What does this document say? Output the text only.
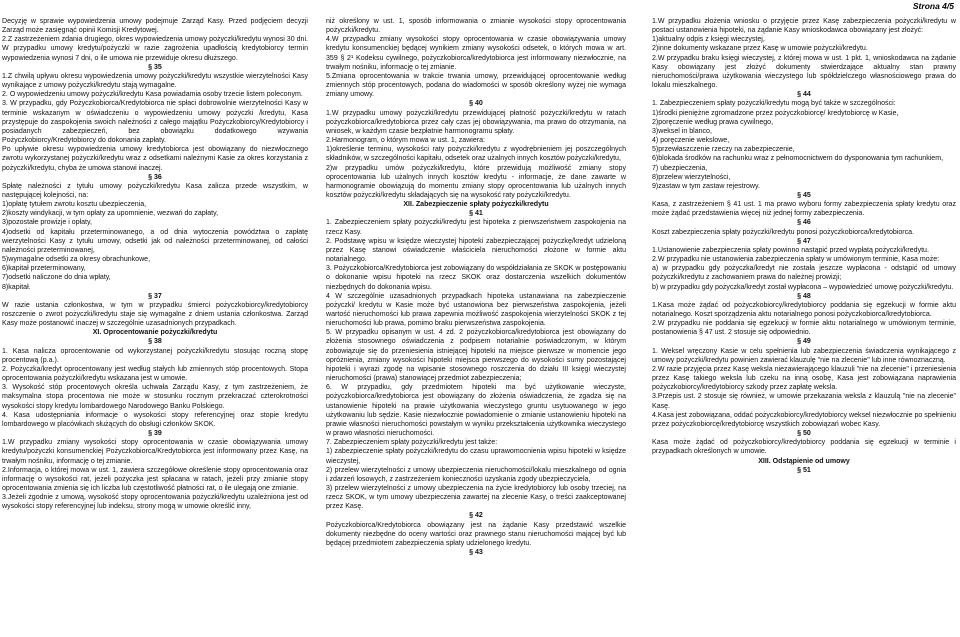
Strona 4/5

Decyzję w sprawie wypowiedzenia umowy podejmuje Zarząd Kasy. Przed podjęciem decyzji Zarząd może zasięgnąć opinii Komisji Kredytowej.

2.Z zastrzeżeniem zdania drugiego, okres wypowiedzenia umowy pożyczki/kredytu wynosi 30 dni. W przypadku umowy kredytu/pożyczki w razie zagrożenia upadłością kredytobiorcy termin wypowiedzenia wynosi 7 dni, o ile umowa nie przewiduje okresu dłuższego.

§ 35

1.Z chwilą upływu okresu wypowiedzenia umowy pożyczki/kredytu wszystkie wierzytelności Kasy wynikające z umowy pożyczki/kredytu stają wymagalne.

2. O wypowiedzeniu umowy pożyczki/kredytu Kasa powiadamia osoby trzecie listem poleconym.

3. W przypadku, gdy Pożyczkobiorca/Kredytobiorca nie spłaci dobrowolnie wierzytelności Kasy w terminie wskazanym w oświadczeniu o wypowiedzeniu umowy pożyczki /kredytu, Kasa przystępuje do zaspokojenia swoich należności z całego majątku Pożyczkobiorcy/Kredytobiorcy i posiadanych zabezpieczeń, bez obowiązku dodatkowego wzywania Pożyczkobiorcy/Kredytobiorcy do dokonania zapłaty.

Po upływie okresu wypowiedzenia umowy kredytobiorca jest obowiązany do niezwłocznego zwrotu wykorzystanej pożyczki/kredytu wraz z odsetkami należnymi Kasie za okres korzystania z pożyczki/kredytu, chyba że umowa stanowi inaczej.

§ 36

Spłatę należności z tytułu umowy pożyczki/kredytu Kasa zalicza przede wszystkim, w następującej kolejności, na:

1)opłatę tytułem zwrotu kosztu ubezpieczenia,

2)koszty windykacji, w tym opłaty za upomnienie, wezwań do zapłaty,

3)pozostałe prowizje i opłaty,

4)odsetki od kapitału przeterminowanego, a od dnia wytoczenia powództwa o zapłatę wierzytelności Kasy z tytułu umowy, odsetki jak od należności przeterminowanej, od całości należności przeterminowanej,

5)wymagalne odsetki za okresy obrachunkowe,

6)kapitał przeterminowany,

7)odsetki naliczone do dnia wpłaty,

8)kapitał.

§ 37

W razie ustania członkostwa, w tym w przypadku śmierci pożyczkobiorcy/kredytobiorcy roszczenie o zwrot pożyczki/kredytu staje się wymagalne z dniem ustania członkostwa. Zarząd Kasy może postanowić inaczej w szczególnie uzasadnionych przypadkach.

XI. Oprocentowanie pożyczki/kredytu

§ 38

1. Kasa nalicza oprocentowanie od wykorzystanej pożyczki/kredytu stosując roczną stopę procentową (p.a.).

2. Pożyczka/kredyt oprocentowany jest według stałych lub zmiennych stóp procentowych. Stopa oprocentowania pożyczki/kredytu wskazana jest w umowie.

3. Wysokość stóp procentowych określa uchwała Zarządu Kasy, z tym zastrzeżeniem, że maksymalna stopa procentowa nie może w stosunku rocznym przekraczać czterokrotności wysokości stopy kredytu lombardowego Narodowego Banku Polskiego.

4. Kasa udostępniania informacje o wysokości stopy referencyjnej oraz stopie kredytu lombardowego w placówkach służących do obsługi członków SKOK.

§ 39

1.W przypadku zmiany wysokości stopy oprocentowania w czasie obowiązywania umowy kredytu/pożyczki konsumenckiej Pożyczkobiorca/Kredytobiorca jest informowany przez Kasę, na trwałym nośniku, informację o tej zmianie.

2.Informacja, o której mowa w ust. 1, zawiera szczegółowe określenie stopy oprocentowania oraz informację o wysokości rat, jeżeli pożyczka jest spłacana w ratach, jeżeli przy zmianie stopy oprocentowania zmienia się ich liczba lub częstotliwość płatności rat, o ile ulegają one zmianie.

3.Jeżeli zgodnie z umową, wysokość stopy oprocentowania pożyczki/kredytu uzależniona jest od wysokości stopy referencyjnej lub indeksu, strony mogą w umowie określić inny,

niż określony w ust. 1, sposób informowania o zmianie wysokości stopy oprocentowania pożyczki/kredytu.

4.W przypadku zmiany wysokości stopy oprocentowania w czasie obowiązywania umowy kredytu konsumenckiej będącej wynikiem zmiany wysokości odsetek, o których mowa w art. 359 § 2¹ Kodeksu cywilnego, pożyczkobiorca/kredytobiorca jest informowany niezwłocznie, na trwałym nośniku, informację o tej zmianie.

5.Zmiana oprocentowania w trakcie trwania umowy, przewidującej oprocentowanie według zmiennych stóp procentowych, podana do wiadomości w sposób określony wyżej nie wymaga zmiany umowy.

§ 40

1.W przypadku umowy pożyczki/kredytu przewidującej płatność pożyczki/kredytu w ratach pożyczkobiorca/kredytobiorca przez cały czas jej obowiązywania, ma prawo do otrzymania, na wniosek, w każdym czasie bezpłatnie harmonogramu spłaty.

2.Harmonogram, o którym mowa w ust. 1, zawiera:

1)określenie terminu, wysokości raty pożyczki/kredytu z wyodrębnieniem jej poszczególnych składników, w szczególności kapitału, odsetek oraz użalnych innych kosztów pożyczki/kredytu,

2)w przypadku umów pożyczki/kredytu, które przewidują możliwość zmiany stopy oprocentowania lub użalnych innych kosztów kredytu - informacje, że dane zawarte w harmonogramie obowiązują do momentu zmiany stopy oprocentowania lub użalnych innych kosztów pożyczki/kredytu składających się na wysokość raty pożyczki/kredytu.

XII. Zabezpieczenie spłaty pożyczki/kredytu

§ 41

1. Zabezpieczeniem spłaty pożyczki/kredytu jest hipoteka z pierwszeństwem zaspokojenia na rzecz Kasy.

2. Podstawę wpisu w księdze wieczystej hipoteki zabezpieczającej pożyczkę/kredyt udzieloną przez Kasę stanowi oświadczenie właściciela nieruchomości złożone w formie aktu notarialnego.

3. Pożyczkobiorca/Kredytobiorca jest zobowiązany do współdziałania ze SKOK w postępowaniu o dokonanie wpisu hipoteki na rzecz SKOK oraz dostarczenia wszelkich dokumentów niezbędnych do dokonania wpisu.

4 W szczególnie uzasadnionych przypadkach hipoteka ustanawiana na zabezpieczenie pożyczki/ kredytu w Kasie może być ustanowiona bez pierwszeństwa zaspokojenia, jeżeli wartość nieruchomości lub prawa zapewnia możliwość zaspokojenia wierzytelności SKOK z tej nieruchomości lub prawa, pomimo braku pierwszeństwa zaspokojenia.

5. W przypadku opisanym w ust. 4 zd. 2 pożyczkobiorca/kredytobiorca jest obowiązany do złożenia stosownego oświadczenia z podpisem notarialnie poświadczonym, w którym zobowiązuje się do przeniesienia istniejącej hipoteki na miejsce pierwsze w momencie jego opróżnienia, zmiany wysokości hipoteki miejsca pierwszego do wysokości sumy pozostającej hipoteki i wyrazi zgodę na wpisanie stosownego roszczenia do działu III księgi wieczystej nieruchomości (prawa) stanowiącej przedmiot zabezpieczenia;

6. W przypadku, gdy przedmiotem hipoteki ma być użytkowanie wieczyste, pożyczkobiorca/kredytobiorca jest obowiązany do złożenia oświadczenia, że zgadza się na ustanowienie hipoteki na prawie użytkowania wieczystego gruntu usytuowanego w jego użytkowaniu lub sędzie. Kasie niezwłocznie powiadomienie o zmianie ustanowieniu hipoteki na prawie własności nieruchomości powstałym w wyniku przekształcenia użytkownika wieczystego w prawo własności nieruchomości.

7. Zabezpieczeniem spłaty pożyczki/kredytu jest także:

1) zabezpieczenie spłaty pożyczki/kredytu do czasu uprawomocnienia wpisu hipoteki w księdze wieczystej,

2) przelew wierzytelności z umowy ubezpieczenia nieruchomości/lokalu mieszkalnego od ognia i zdarzeń losowych, z zastrzeżeniem konieczności uzyskania zgody ubezpieczyciela,

3) przelew wierzytelności z umowy ubezpieczenia na życie kredytobiorcy lub osoby trzeciej, na rzecz SKOK, w tym umowy ubezpieczenia zawartej na zlecenie Kasy, o treści zaakceptowanej przez Kasę.

§ 42

Pożyczkobiorca/Kredytobiorca obowiązany jest na żądanie Kasy przedstawić wszelkie dokumenty niezbędne do oceny wartości oraz prawnego stanu nieruchomości mającej być lub będącej przedmiotem zabezpieczenia spłaty udzielonego kredytu.

§ 43

1.W przypadku złożenia wniosku o przyjęcie przez Kasę zabezpieczenia pożyczki/kredytu w postaci ustanowienia hipoteki, na żądanie Kasy wnioskodawca obowiązany jest złożyć:

1)aktualny odpis z księgi wieczystej,

2)inne dokumenty wskazane przez Kasę w umowie pożyczki/kredytu.

2.W przypadku braku księgi wieczystej, z której mowa w ust. 1 pkt. 1, wnioskodawca na żądanie Kasy obowiązany jest złożyć dokumenty stwierdzające aktualny stan prawny nieruchomości/prawa użytkowania wieczystego lub spółdzielczego własnościowego prawa do lokalu mieszkalnego.

§ 44

1. Zabezpieczeniem spłaty pożyczki/kredytu mogą być także w szczególności:

1)środki pieniężne zgromadzone przez pożyczkobiorcę/ kredytobiorcę w Kasie,

2)poręczenie według prawa cywilnego,

3)weksel in blanco,

4) poręczenie wekslowe,

5)przewłaszczenie rzeczy na zabezpieczenie,

6)blokada środków na rachunku wraz z pełnomocnictwem do dysponowania tym rachunkiem,

7) ubezpieczenia,

8)przelew wierzytelności,

9)zastaw w tym zastaw rejestrowy.

§ 45

Kasa, z zastrzeżeniem § 41 ust. 1 ma prawo wyboru formy zabezpieczenia spłaty kredytu oraz może żądać przedstawienia więcej niż jednej formy zabezpieczenia.

§ 46

Koszt zabezpieczenia spłaty pożyczki/kredytu ponosi pożyczkobiorca/kredytobiorca.

§ 47

1.Ustanowienie zabezpieczenia spłaty powinno nastąpić przed wypłatą pożyczki/kredytu.

2.W przypadku nie ustanowienia zabezpieczenia spłaty w umówionym terminie, Kasa może:

a) w przypadku gdy pożyczka/kredyt nie została jeszcze wypłacona - odstąpić od umowy pożyczki/kredytu z zachowaniem prawa do należnej prowizji;

b) w przypadku gdy pożyczka/kredyt został wypłacona – wypowiedzieć umowę pożyczki/kredytu.

§ 48

1.Kasa może żądać od pożyczkobiorcy/kredytobiorcy poddania się egzekucji w formie aktu notarialnego. Koszt sporządzenia aktu notarialnego ponosi pożyczkobiorca/kredytobiorca.

2.W przypadku nie poddania się egzekucji w formie aktu notarialnego w umówionym terminie, postanowienia § 47 ust. 2 stosuje się odpowiednio.

§ 49

1. Weksel wręczony Kasie w celu spełnienia lub zabezpieczenia świadczenia wynikającego z umowy pożyczki/kredytu powinien zawierać klauzulę "nie na zlecenie" lub inne równoznaczną.

2.W razie przyjęcia przez Kasę weksla niezawierającego klauzuli "nie na zlecenie" i przeniesienia przez Kasę takiego weksla lub czeku na inną osobę, Kasa jest zobowiązana naprawienia pożyczkobiorcy/kredytobiorcy szkody przez zapłatę weksla.

3.Przepis ust. 2 stosuje się również, w umowie przekazania weksla z klauzulą "nie na zlecenie" Kasę.

4.Kasa jest zobowiązana, oddać pożyczkobiorcy/kredytobiorcy weksel niezwłocznie po spełnieniu przez pożyczkobiorcę/kredytobiorcę wszystkich zobowiązań wobec Kasy.

§ 50

Kasa może żądać od pożyczkobiorcy/kredytobiorcy poddania się egzekucji w terminie i przypadkach określonych w umowie.

XIII. Odstąpienie od umowy

§ 51
